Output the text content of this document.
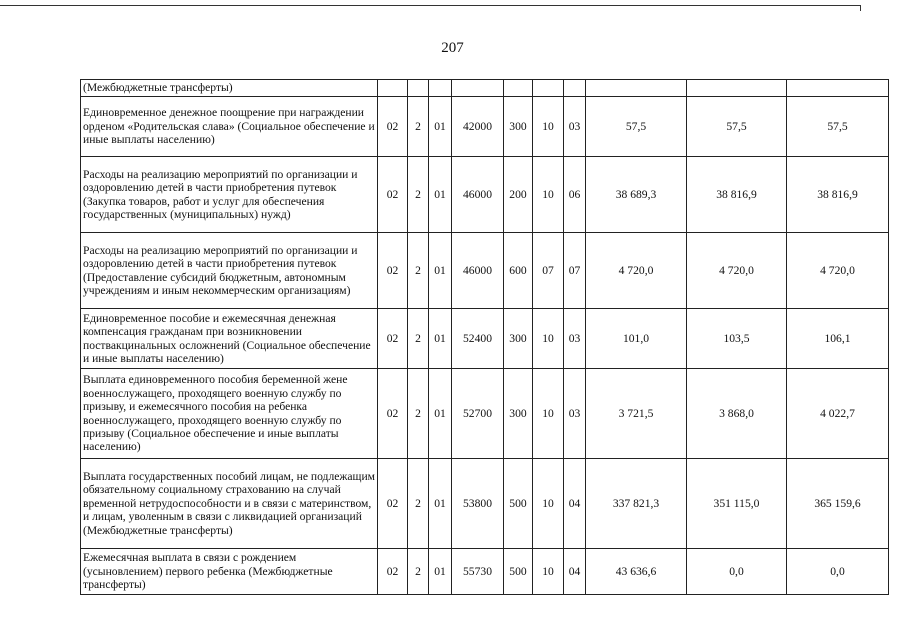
207
(Межбюджетные трансферты)										
Единовременное денежное поощрение при награждении орденом «Родительская слава» (Социальное обеспечение и иные выплаты населению)	02	2	01	42000	300	10	03	57,5	57,5	57,5
Расходы на реализацию мероприятий по организации и оздоровлению детей в части приобретения путевок (Закупка товаров, работ и услуг для обеспечения государственных (муниципальных) нужд)	02	2	01	46000	200	10	06	38 689,3	38 816,9	38 816,9
Расходы на реализацию мероприятий по организации и оздоровлению детей в части приобретения путевок (Предоставление субсидий бюджетным, автономным учреждениям и иным некоммерческим организациям)	02	2	01	46000	600	07	07	4 720,0	4 720,0	4 720,0
Единовременное пособие и ежемесячная денежная компенсация гражданам при возникновении поствакцинальных осложнений (Социальное обеспечение и иные выплаты населению)	02	2	01	52400	300	10	03	101,0	103,5	106,1
Выплата единовременного пособия беременной жене военнослужащего, проходящего военную службу по призыву, и ежемесячного пособия на ребенка военнослужащего, проходящего военную службу по призыву (Социальное обеспечение и иные выплаты населению)	02	2	01	52700	300	10	03	3 721,5	3 868,0	4 022,7
Выплата государственных пособий лицам, не подлежащим обязательному социальному страхованию на случай временной нетрудоспособности и в связи с материнством, и лицам, уволенным в связи с ликвидацией организаций (Межбюджетные трансферты)	02	2	01	53800	500	10	04	337 821,3	351 115,0	365 159,6
Ежемесячная выплата в связи с рождением (усыновлением) первого ребенка (Межбюджетные трансферты)	02	2	01	55730	500	10	04	43 636,6	0,0	0,0
